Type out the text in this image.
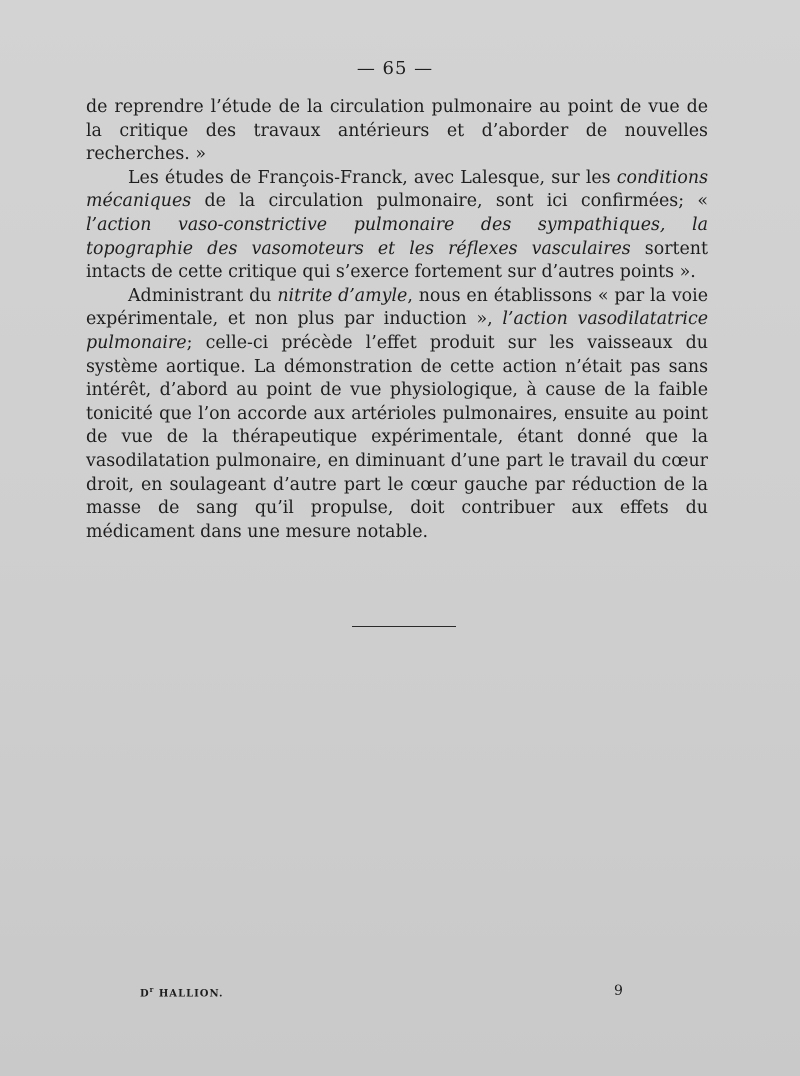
— 65 —

de reprendre l’étude de la circulation pulmonaire au point de vue de la critique des travaux antérieurs et d’aborder de nouvelles recherches. »

Les études de François-Franck, avec Lalesque, sur les conditions mécaniques de la circulation pulmonaire, sont ici confirmées; « l’action vaso-constrictive pulmonaire des sympathiques, la topographie des vasomoteurs et les réflexes vasculaires sortent intacts de cette critique qui s’exerce fortement sur d’autres points ».

Administrant du nitrite d’amyle, nous en établissons « par la voie expérimentale, et non plus par induction », l’action vasodilatatrice pulmonaire; celle-ci précède l’effet produit sur les vaisseaux du système aortique. La démonstration de cette action n’était pas sans intérêt, d’abord au point de vue physiologique, à cause de la faible tonicité que l’on accorde aux artérioles pulmonaires, ensuite au point de vue de la thérapeutique expérimentale, étant donné que la vasodilatation pulmonaire, en diminuant d’une part le travail du cœur droit, en soulageant d’autre part le cœur gauche par réduction de la masse de sang qu’il propulse, doit contribuer aux effets du médicament dans une mesure notable.

$D^r$ HALLION.	9
